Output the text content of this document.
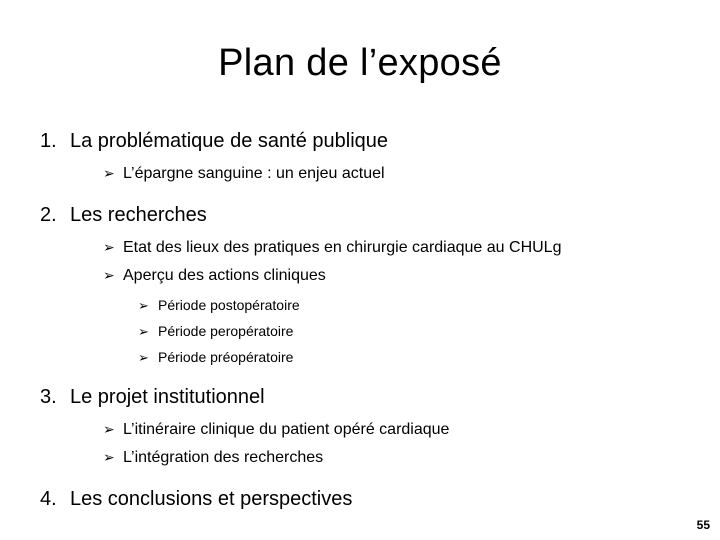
Plan de l’exposé
1. La problématique de santé publique
➢ L’épargne sanguine : un enjeu actuel
2. Les recherches
➢ Etat des lieux des pratiques en chirurgie cardiaque au CHULg
➢ Aperçu des actions cliniques
➢ Période postopératoire
➢ Période peropératoire
➢ Période préopératoire
3. Le projet institutionnel
➢ L’itinéraire clinique du patient opéré cardiaque
➢ L’intégration des recherches
4. Les conclusions et perspectives
55
